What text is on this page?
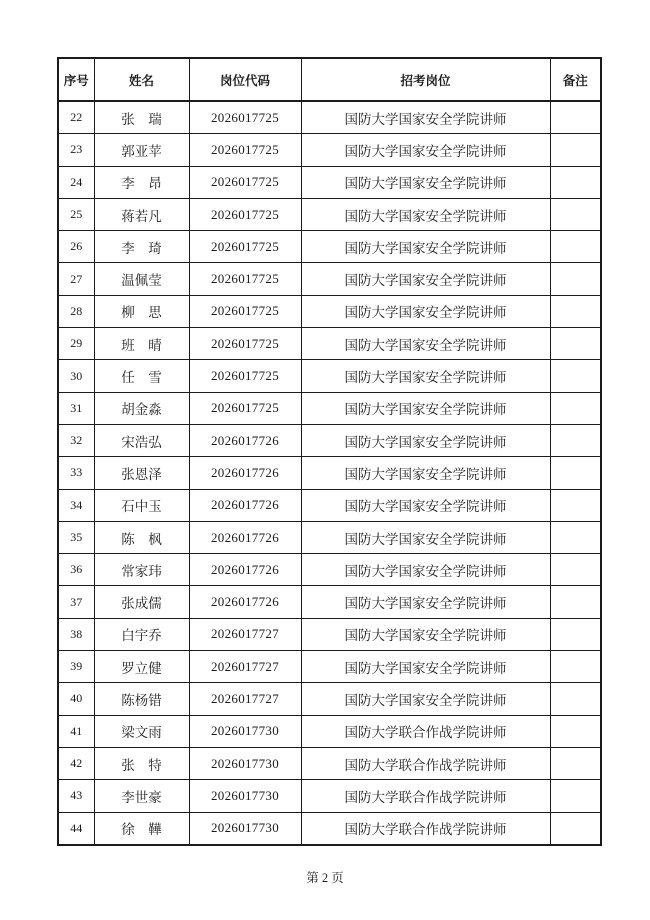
序号	姓名	岗位代码	招考岗位	备注
22	张　瑞	2026017725	国防大学国家安全学院讲师	
23	郭亚苹	2026017725	国防大学国家安全学院讲师	
24	李　昂	2026017725	国防大学国家安全学院讲师	
25	蒋若凡	2026017725	国防大学国家安全学院讲师	
26	李　琦	2026017725	国防大学国家安全学院讲师	
27	温佩莹	2026017725	国防大学国家安全学院讲师	
28	柳　思	2026017725	国防大学国家安全学院讲师	
29	班　晴	2026017725	国防大学国家安全学院讲师	
30	任　雪	2026017725	国防大学国家安全学院讲师	
31	胡金淼	2026017725	国防大学国家安全学院讲师	
32	宋浩弘	2026017726	国防大学国家安全学院讲师	
33	张恩泽	2026017726	国防大学国家安全学院讲师	
34	石中玉	2026017726	国防大学国家安全学院讲师	
35	陈　枫	2026017726	国防大学国家安全学院讲师	
36	常家玮	2026017726	国防大学国家安全学院讲师	
37	张成儒	2026017726	国防大学国家安全学院讲师	
38	白宇乔	2026017727	国防大学国家安全学院讲师	
39	罗立健	2026017727	国防大学国家安全学院讲师	
40	陈杨错	2026017727	国防大学国家安全学院讲师	
41	梁文雨	2026017730	国防大学联合作战学院讲师	
42	张　特	2026017730	国防大学联合作战学院讲师	
43	李世豪	2026017730	国防大学联合作战学院讲师	
44	徐　鞾	2026017730	国防大学联合作战学院讲师	
第 2 页
